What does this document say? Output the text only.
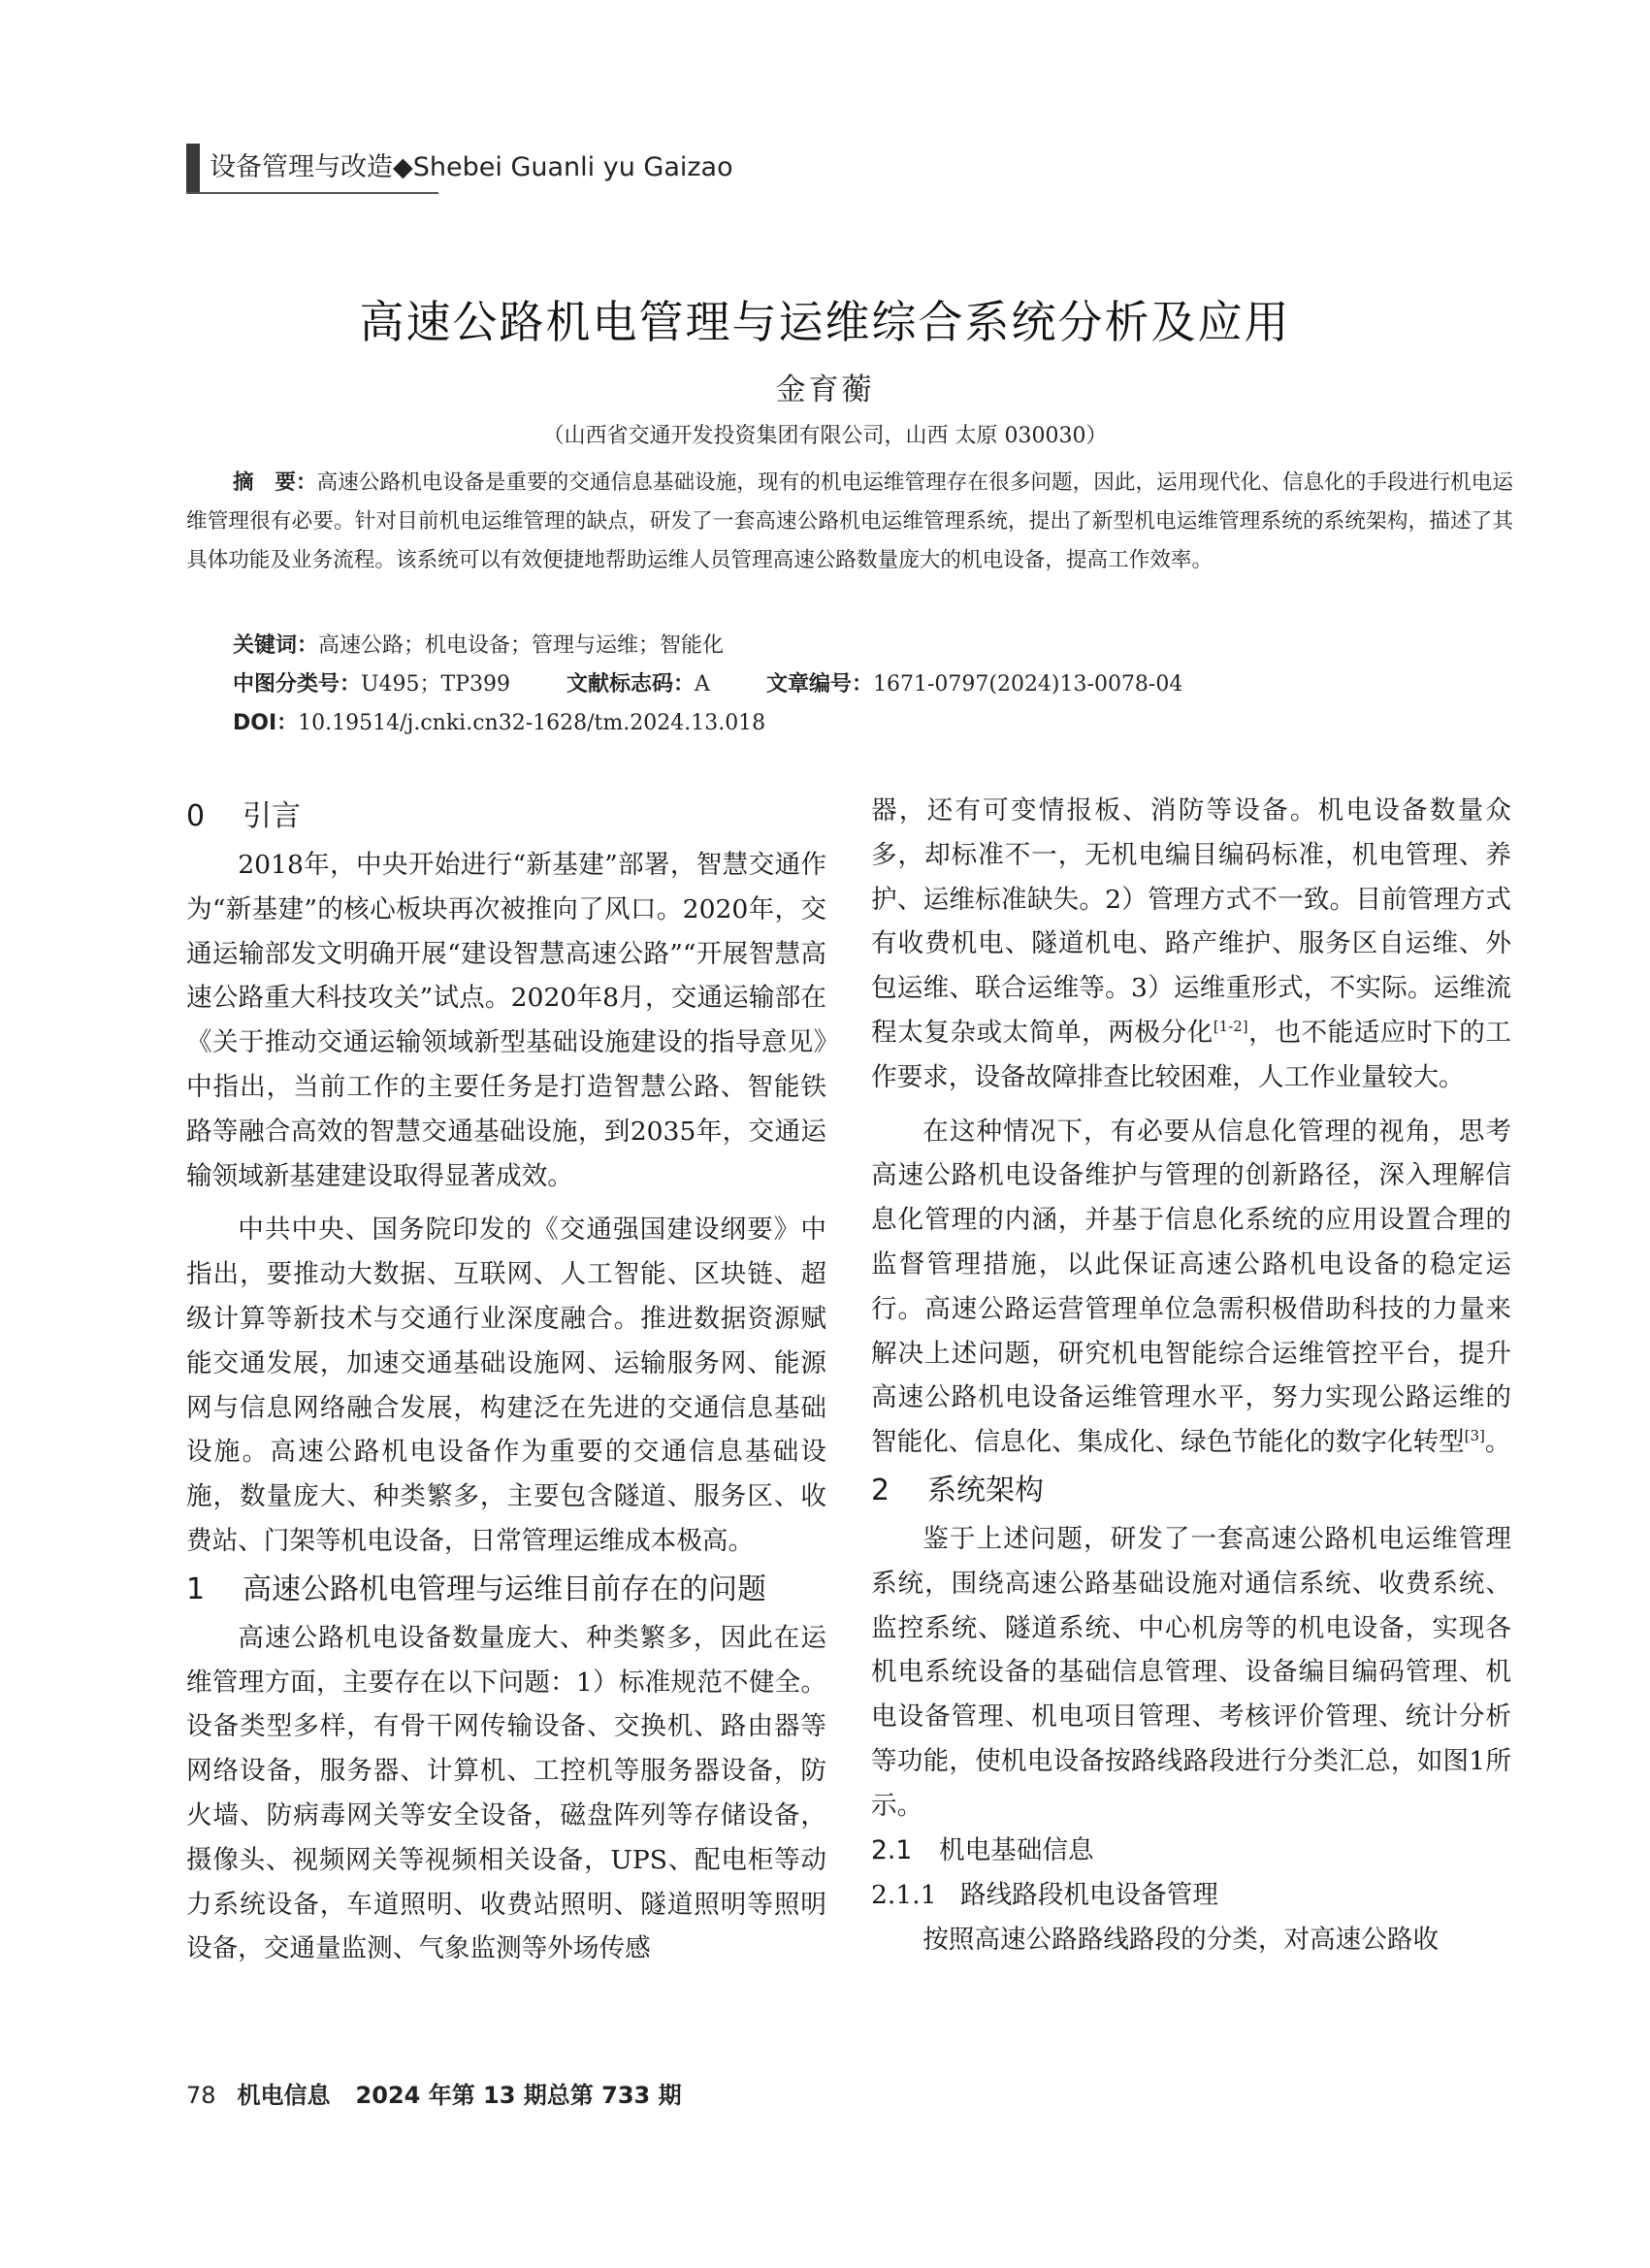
设备管理与改造◆Shebei Guanli yu Gaizao
高速公路机电管理与运维综合系统分析及应用
金育蘅
（山西省交通开发投资集团有限公司，山西 太原 030030）
摘　要：高速公路机电设备是重要的交通信息基础设施，现有的机电运维管理存在很多问题，因此，运用现代化、信息化的手段进行机电运维管理很有必要。针对目前机电运维管理的缺点，研发了一套高速公路机电运维管理系统，提出了新型机电运维管理系统的系统架构，描述了其具体功能及业务流程。该系统可以有效便捷地帮助运维人员管理高速公路数量庞大的机电设备，提高工作效率。
关键词：高速公路；机电设备；管理与运维；智能化
中图分类号：U495；TP399	文献标志码：A	文章编号：1671-0797(2024)13-0078-04
DOI：10.19514/j.cnki.cn32-1628/tm.2024.13.018
0 引言

2018年，中央开始进行“新基建”部署，智慧交通作为“新基建”的核心板块再次被推向了风口。2020年，交通运输部发文明确开展“建设智慧高速公路”“开展智慧高速公路重大科技攻关”试点。2020年8月，交通运输部在《关于推动交通运输领域新型基础设施建设的指导意见》中指出，当前工作的主要任务是打造智慧公路、智能铁路等融合高效的智慧交通基础设施，到2035年，交通运输领域新基建建设取得显著成效。

中共中央、国务院印发的《交通强国建设纲要》中指出，要推动大数据、互联网、人工智能、区块链、超级计算等新技术与交通行业深度融合。推进数据资源赋能交通发展，加速交通基础设施网、运输服务网、能源网与信息网络融合发展，构建泛在先进的交通信息基础设施。高速公路机电设备作为重要的交通信息基础设施，数量庞大、种类繁多，主要包含隧道、服务区、收费站、门架等机电设备，日常管理运维成本极高。

1 高速公路机电管理与运维目前存在的问题

高速公路机电设备数量庞大、种类繁多，因此在运维管理方面，主要存在以下问题：1）标准规范不健全。设备类型多样，有骨干网传输设备、交换机、路由器等网络设备，服务器、计算机、工控机等服务器设备，防火墙、防病毒网关等安全设备，磁盘阵列等存储设备，摄像头、视频网关等视频相关设备，UPS、配电柜等动力系统设备，车道照明、收费站照明、隧道照明等照明设备，交通量监测、气象监测等外场传感

器，还有可变情报板、消防等设备。机电设备数量众多，却标准不一，无机电编目编码标准，机电管理、养护、运维标准缺失。2）管理方式不一致。目前管理方式有收费机电、隧道机电、路产维护、服务区自运维、外包运维、联合运维等。3）运维重形式，不实际。运维流程太复杂或太简单，两极分化[1-2]，也不能适应时下的工作要求，设备故障排查比较困难，人工作业量较大。

在这种情况下，有必要从信息化管理的视角，思考高速公路机电设备维护与管理的创新路径，深入理解信息化管理的内涵，并基于信息化系统的应用设置合理的监督管理措施，以此保证高速公路机电设备的稳定运行。高速公路运营管理单位急需积极借助科技的力量来解决上述问题，研究机电智能综合运维管控平台，提升高速公路机电设备运维管理水平，努力实现公路运维的智能化、信息化、集成化、绿色节能化的数字化转型[3]。

2 系统架构

鉴于上述问题，研发了一套高速公路机电运维管理系统，围绕高速公路基础设施对通信系统、收费系统、监控系统、隧道系统、中心机房等的机电设备，实现各机电系统设备的基础信息管理、设备编目编码管理、机电设备管理、机电项目管理、考核评价管理、统计分析等功能，使机电设备按路线路段进行分类汇总，如图1所示。

2.1 机电基础信息
2.1.1 路线路段机电设备管理

按照高速公路路线路段的分类，对高速公路收

78 机电信息 2024 年第 13 期总第 733 期
